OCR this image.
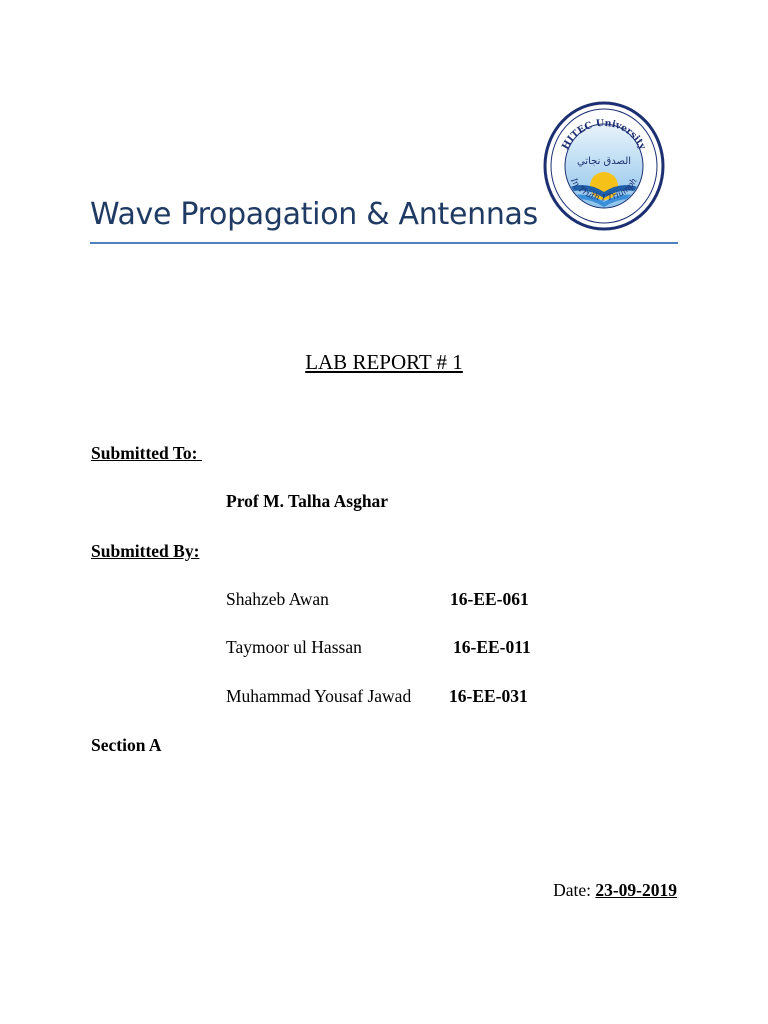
HITEC University
In Truth I Triumph
الصدق نجاتي
Wave Propagation & Antennas
LAB REPORT # 1
Submitted To:
Prof M. Talha Asghar
Submitted By:
Shahzeb Awan	16-EE-061
Taymoor ul Hassan	16-EE-011
Muhammad Yousaf Jawad 16-EE-031
Section A
Date: 23-09-2019
